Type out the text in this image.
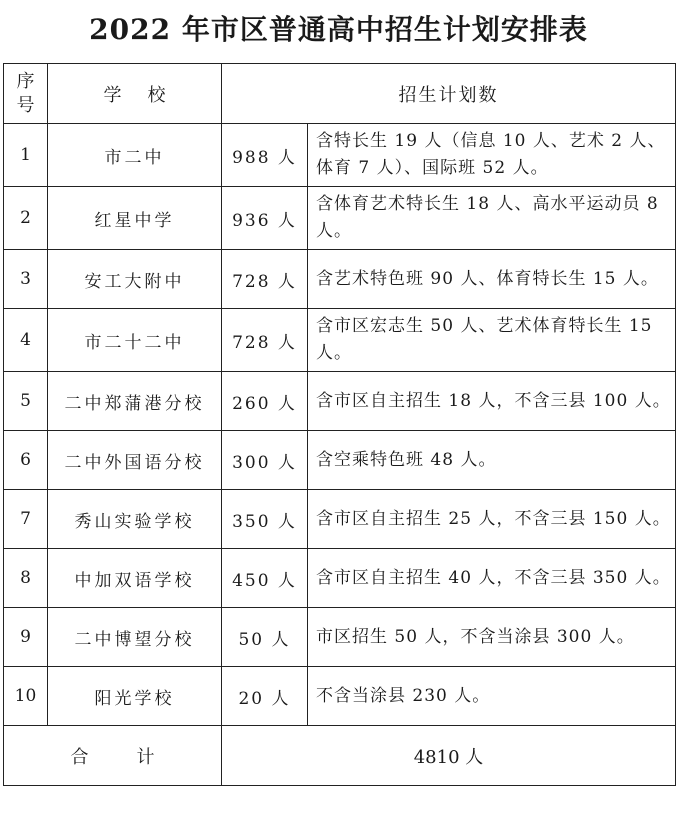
2022 年市区普通高中招生计划安排表
序号	学校	招生计划数	
1	市二中	988 人	含特长生 19 人（信息 10 人、艺术 2 人、体育 7 人）、国际班 52 人。
2	红星中学	936 人	含体育艺术特长生 18 人、高水平运动员 8 人。
3	安工大附中	728 人	含艺术特色班 90 人、体育特长生 15 人。
4	市二十二中	728 人	含市区宏志生 50 人、艺术体育特长生 15 人。
5	二中郑蒲港分校	260 人	含市区自主招生 18 人，不含三县 100 人。
6	二中外国语分校	300 人	含空乘特色班 48 人。
7	秀山实验学校	350 人	含市区自主招生 25 人，不含三县 150 人。
8	中加双语学校	450 人	含市区自主招生 40 人，不含三县 350 人。
9	二中博望分校	50 人	市区招生 50 人，不含当涂县 300 人。
10	阳光学校	20 人	不含当涂县 230 人。
合计		4810 人	
